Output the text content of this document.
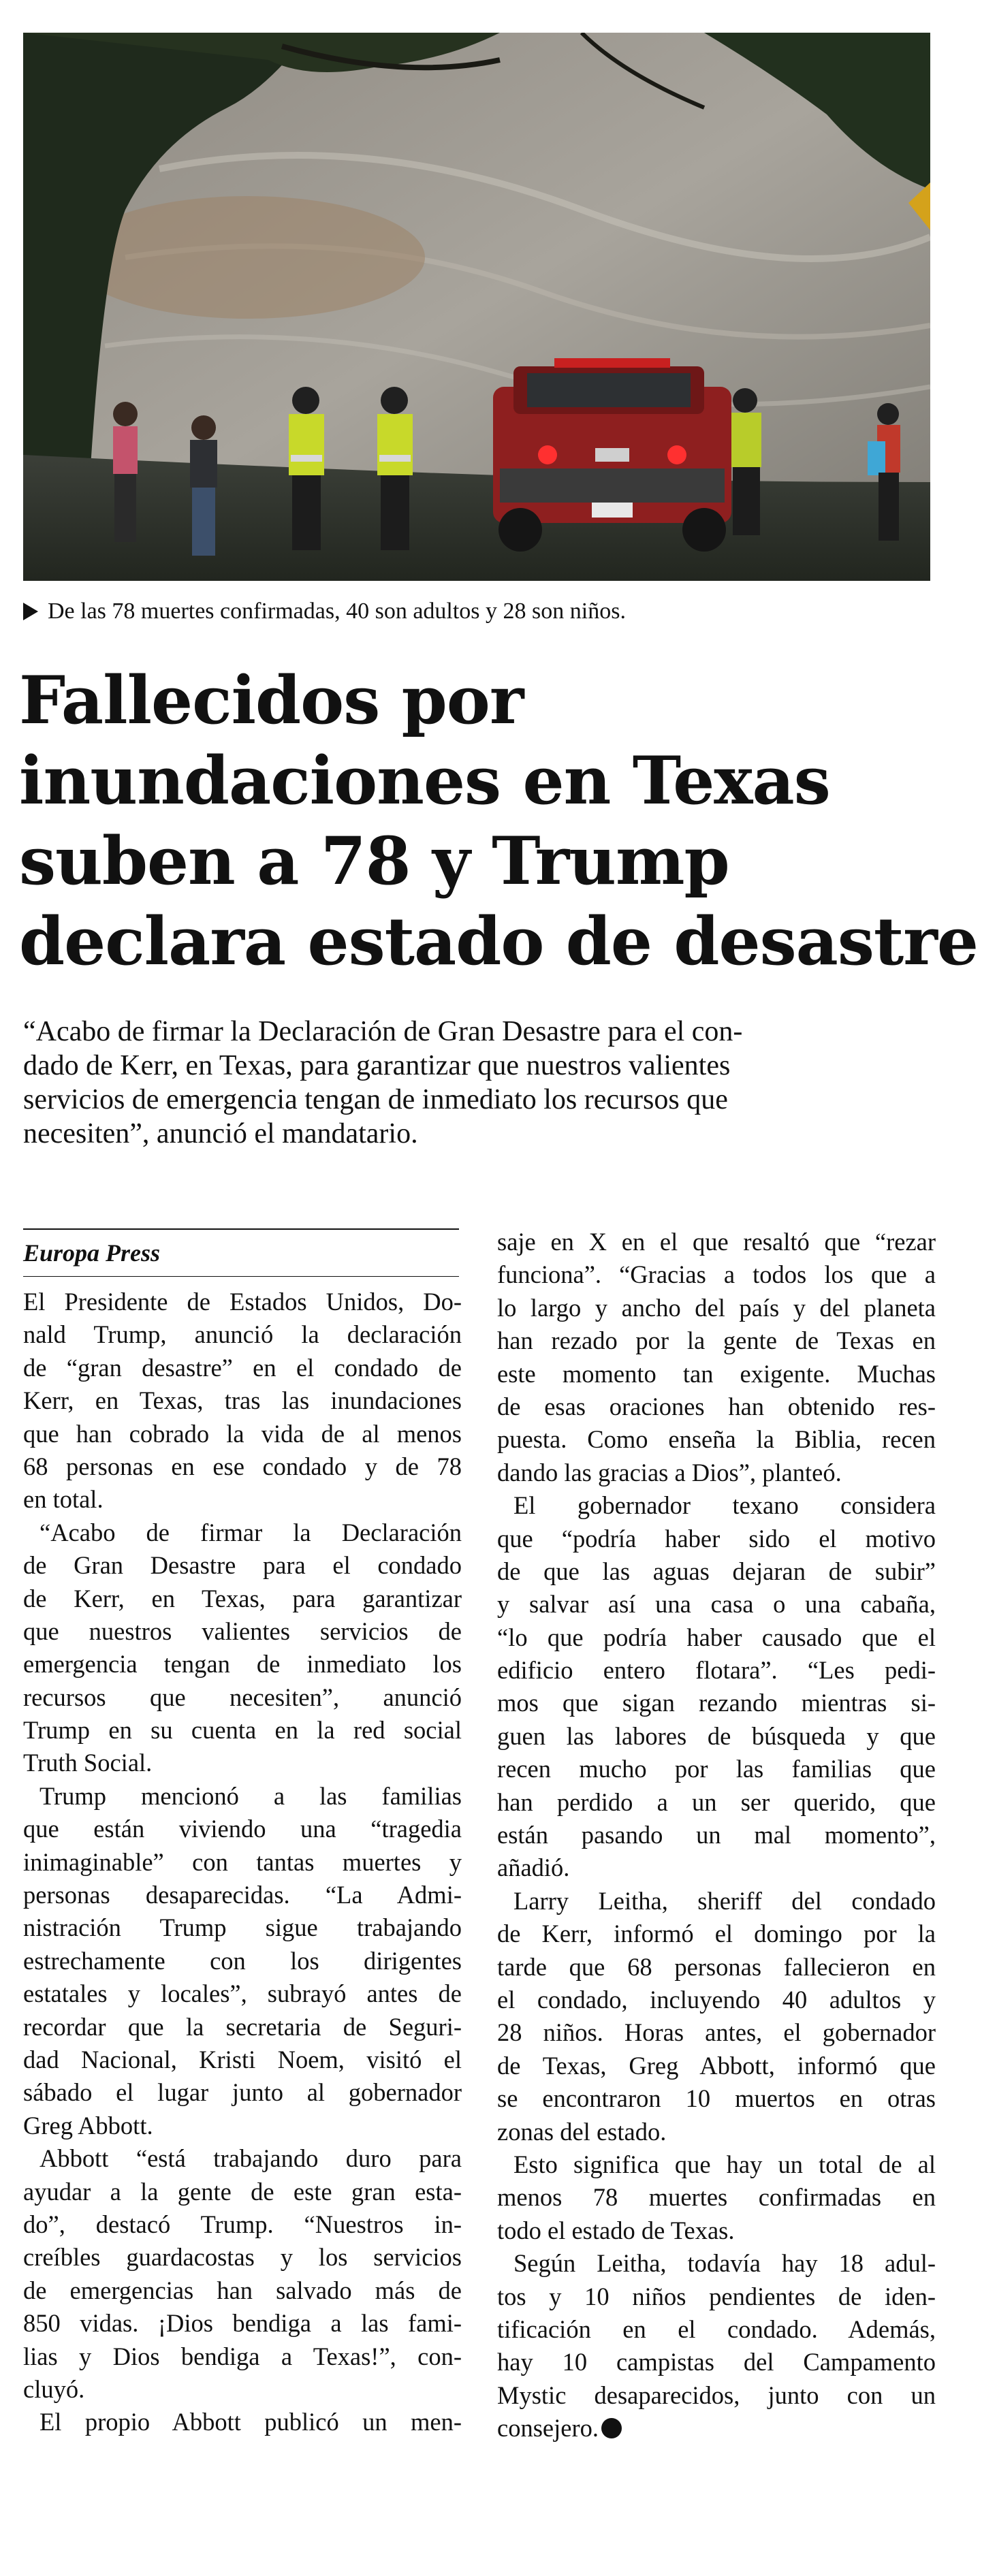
De las 78 muertes confirmadas, 40 son adultos y 28 son niños.
Fallecidos por
inundaciones en Texas
suben a 78 y Trump
declara estado de desastre
“Acabo de firmar la Declaración de Gran Desastre para el con-
dado de Kerr, en Texas, para garantizar que nuestros valientes
servicios de emergencia tengan de inmediato los recursos que
necesiten”, anunció el mandatario.
Europa Press
El Presidente de Estados Unidos, Do-
nald Trump, anunció la declaración
de “gran desastre” en el condado de
Kerr, en Texas, tras las inundaciones
que han cobrado la vida de al menos
68 personas en ese condado y de 78
en total.
“Acabo de firmar la Declaración
de Gran Desastre para el condado
de Kerr, en Texas, para garantizar
que nuestros valientes servicios de
emergencia tengan de inmediato los
recursos que necesiten”, anunció
Trump en su cuenta en la red social
Truth Social.
Trump mencionó a las familias
que están viviendo una “tragedia
inimaginable” con tantas muertes y
personas desaparecidas. “La Admi-
nistración Trump sigue trabajando
estrechamente con los dirigentes
estatales y locales”, subrayó antes de
recordar que la secretaria de Seguri-
dad Nacional, Kristi Noem, visitó el
sábado el lugar junto al gobernador
Greg Abbott.
Abbott “está trabajando duro para
ayudar a la gente de este gran esta-
do”, destacó Trump. “Nuestros in-
creíbles guardacostas y los servicios
de emergencias han salvado más de
850 vidas. ¡Dios bendiga a las fami-
lias y Dios bendiga a Texas!”, con-
cluyó.
El propio Abbott publicó un men-
saje en X en el que resaltó que “rezar
funciona”. “Gracias a todos los que a
lo largo y ancho del país y del planeta
han rezado por la gente de Texas en
este momento tan exigente. Muchas
de esas oraciones han obtenido res-
puesta. Como enseña la Biblia, recen
dando las gracias a Dios”, planteó.
El gobernador texano considera
que “podría haber sido el motivo
de que las aguas dejaran de subir”
y salvar así una casa o una cabaña,
“lo que podría haber causado que el
edificio entero flotara”. “Les pedi-
mos que sigan rezando mientras si-
guen las labores de búsqueda y que
recen mucho por las familias que
han perdido a un ser querido, que
están pasando un mal momento”,
añadió.
Larry Leitha, sheriff del condado
de Kerr, informó el domingo por la
tarde que 68 personas fallecieron en
el condado, incluyendo 40 adultos y
28 niños. Horas antes, el gobernador
de Texas, Greg Abbott, informó que
se encontraron 10 muertos en otras
zonas del estado.
Esto significa que hay un total de al
menos 78 muertes confirmadas en
todo el estado de Texas.
Según Leitha, todavía hay 18 adul-
tos y 10 niños pendientes de iden-
tificación en el condado. Además,
hay 10 campistas del Campamento
Mystic desaparecidos, junto con un
consejero.
